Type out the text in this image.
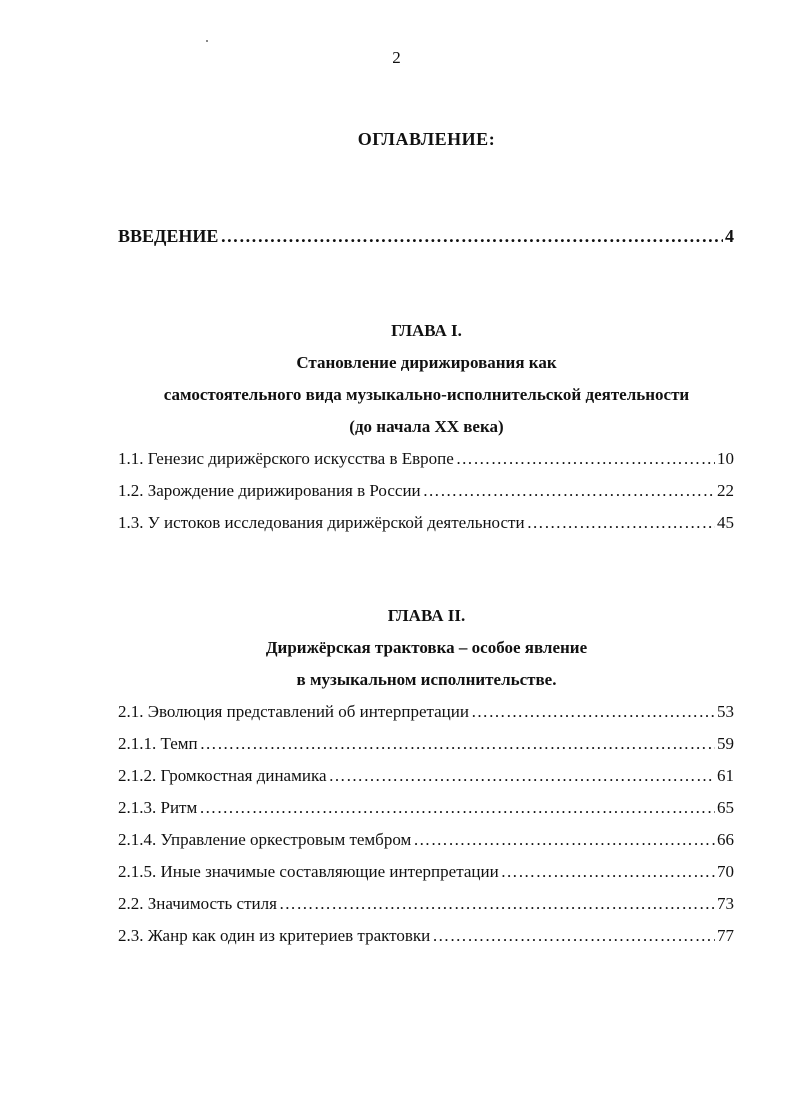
2
ОГЛАВЛЕНИЕ:
ВВЕДЕНИЕ …………………………………………………………………………………………………………………………………	4
ГЛАВА I.
Становление дирижирования как
самостоятельного вида музыкально-исполнительской деятельности
(до начала XX века)
1.1. Генезис дирижёрского искусства в Европе …………………………………………………………………………………………………………………………………	10
1.2. Зарождение дирижирования в России …………………………………………………………………………………………………………………………………	22
1.3. У истоков исследования дирижёрской деятельности …………………………………………………………………………………………………………………………………	45
ГЛАВА II.
Дирижёрская трактовка – особое явление
в музыкальном исполнительстве.
2.1. Эволюция представлений об интерпретации …………………………………………………………………………………………………………………………………	53
2.1.1. Темп …………………………………………………………………………………………………………………………………	59
2.1.2. Громкостная динамика …………………………………………………………………………………………………………………………………	61
2.1.3. Ритм …………………………………………………………………………………………………………………………………	65
2.1.4. Управление оркестровым тембром …………………………………………………………………………………………………………………………………	66
2.1.5. Иные значимые составляющие интерпретации …………………………………………………………………………………………………………………………………	70
2.2. Значимость стиля …………………………………………………………………………………………………………………………………	73
2.3. Жанр как один из критериев трактовки …………………………………………………………………………………………………………………………………	77
